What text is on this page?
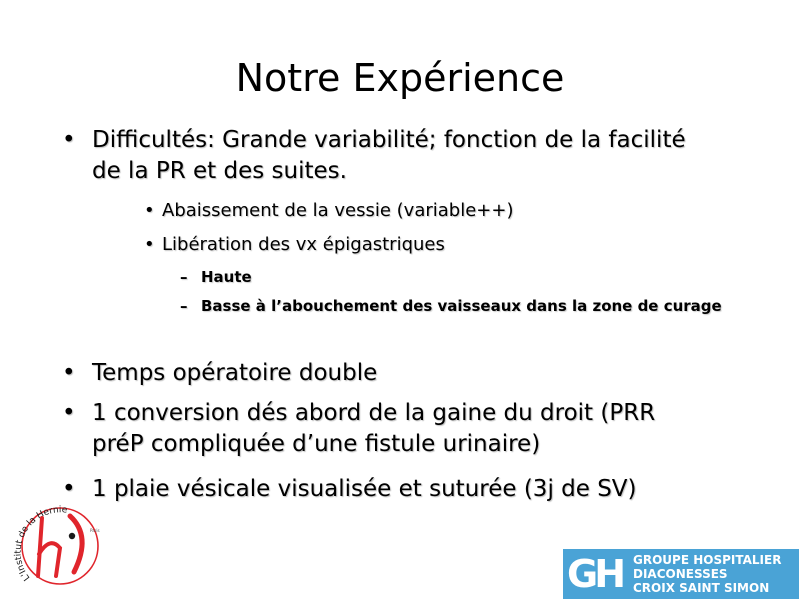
Notre Expérience
• Difficultés: Grande variabilité; fonction de la facilité
de la PR et des suites.
• Abaissement de la vessie (variable++)
• Libération des vx épigastriques
– Haute
– Basse à l’abouchement des vaisseaux dans la zone de curage
• Temps opératoire double
• 1 conversion dés abord de la gaine du droit (PRR
préP compliquée d’une fistule urinaire)
• 1 plaie vésicale visualisée et suturée (3j de SV)
L'Institut de la Hernie
Paris
GH GROUPE HOSPITALIER
DIACONESSES
CROIX SAINT SIMON
